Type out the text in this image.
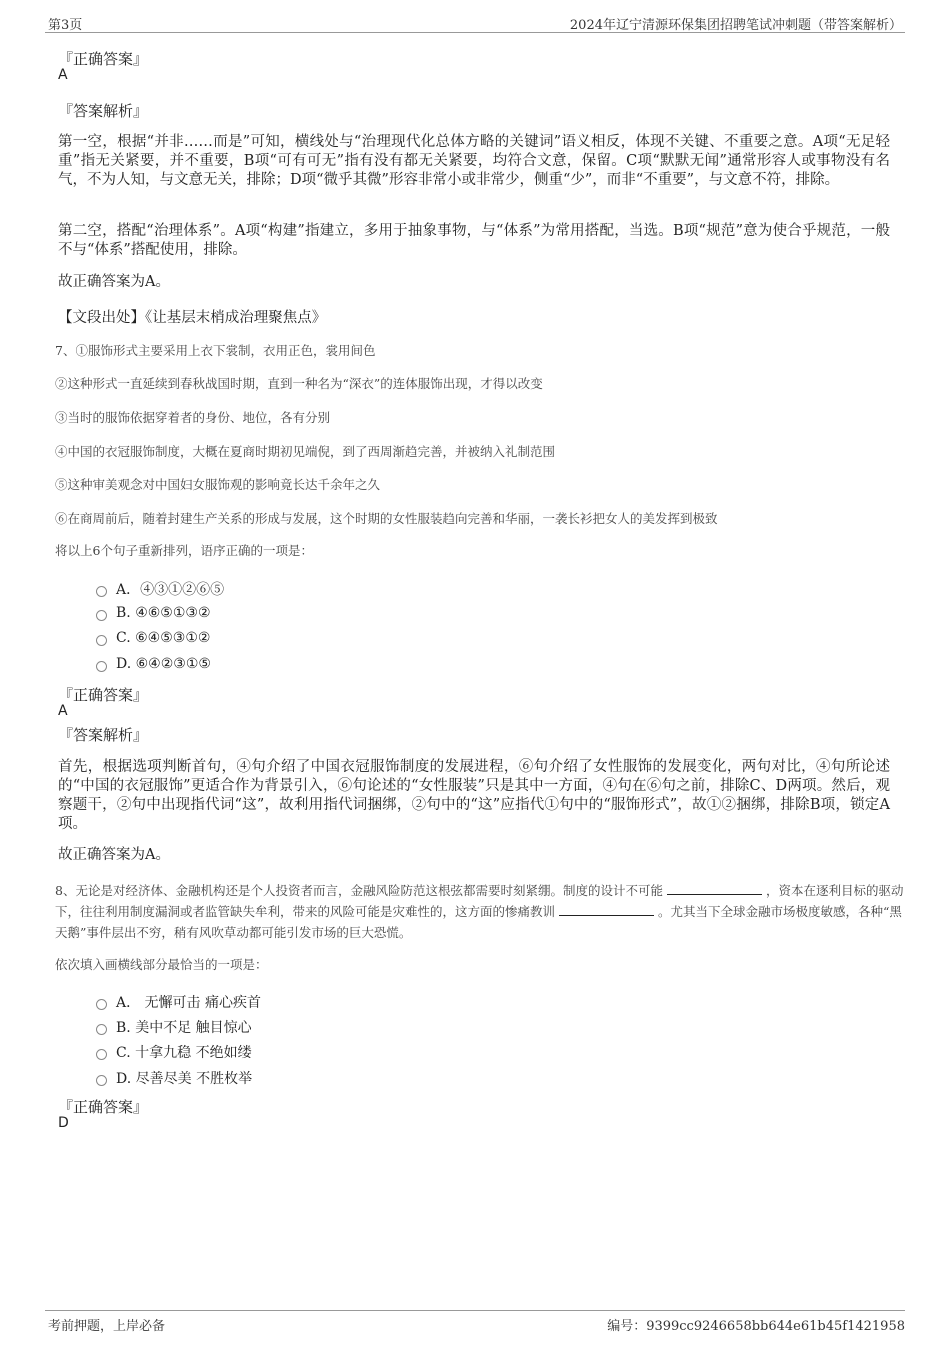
第3页	2024年辽宁清源环保集团招聘笔试冲刺题（带答案解析）
『正确答案』
A
『答案解析』
第一空，根据“并非……而是”可知，横线处与“治理现代化总体方略的关键词”语义相反，体现不关键、不重要之意。A项“无足轻重”指无关紧要，并不重要，B项“可有可无”指有没有都无关紧要，均符合文意，保留。C项“默默无闻”通常形容人或事物没有名气，不为人知，与文意无关，排除；D项“微乎其微”形容非常小或非常少，侧重“少”，而非“不重要”，与文意不符，排除。
第二空，搭配“治理体系”。A项“构建”指建立，多用于抽象事物，与“体系”为常用搭配，当选。B项“规范”意为使合乎规范，一般不与“体系”搭配使用，排除。
故正确答案为A。
【文段出处】《让基层末梢成治理聚焦点》
7、①服饰形式主要采用上衣下裳制，衣用正色，裳用间色
②这种形式一直延续到春秋战国时期，直到一种名为“深衣”的连体服饰出现，才得以改变
③当时的服饰依据穿着者的身份、地位，各有分别
④中国的衣冠服饰制度，大概在夏商时期初见端倪，到了西周渐趋完善，并被纳入礼制范围
⑤这种审美观念对中国妇女服饰观的影响竟长达千余年之久
⑥在商周前后，随着封建生产关系的形成与发展，这个时期的女性服装趋向完善和华丽，一袭长衫把女人的美发挥到极致
将以上6个句子重新排列，语序正确的一项是：
A．④③①②⑥⑤
B. ④⑥⑤①③②
C. ⑥④⑤③①②
D. ⑥④②③①⑤
『正确答案』
A
『答案解析』
首先，根据选项判断首句，④句介绍了中国衣冠服饰制度的发展进程，⑥句介绍了女性服饰的发展变化，两句对比，④句所论述的“中国的衣冠服饰”更适合作为背景引入，⑥句论述的“女性服装”只是其中一方面，④句在⑥句之前，排除C、D两项。然后，观察题干，②句中出现指代词“这”，故利用指代词捆绑，②句中的“这”应指代①句中的“服饰形式”，故①②捆绑，排除B项，锁定A项。
故正确答案为A。
8、无论是对经济体、金融机构还是个人投资者而言，金融风险防范这根弦都需要时刻紧绷。制度的设计不可能	，资本在逐利目标的驱动下，往往利用制度漏洞或者监管缺失牟利，带来的风险可能是灾难性的，这方面的惨痛教训	。尤其当下全球金融市场极度敏感，各种“黑天鹅”事件层出不穷，稍有风吹草动都可能引发市场的巨大恐慌。
依次填入画横线部分最恰当的一项是：
A． 无懈可击 痛心疾首
B. 美中不足 触目惊心
C. 十拿九稳 不绝如缕
D. 尽善尽美 不胜枚举
『正确答案』
D
考前押题，上岸必备	编号：9399cc9246658bb644e61b45f1421958
